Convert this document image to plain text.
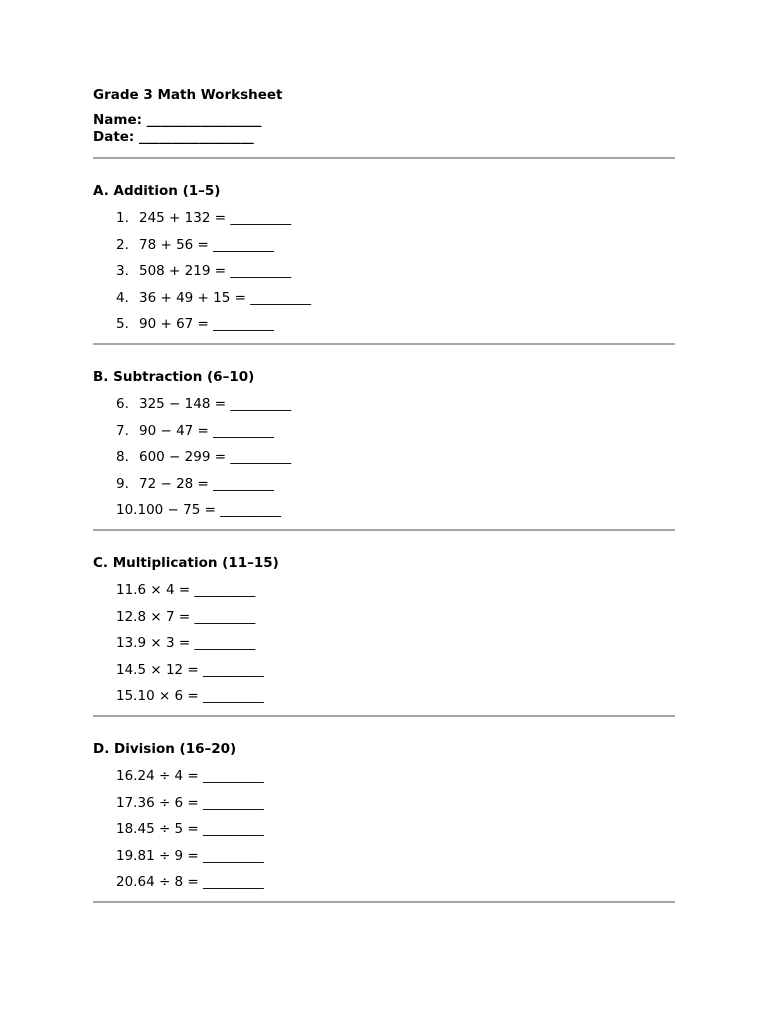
Grade 3 Math Worksheet
Name: _________________
Date: _________________
A. Addition (1–5)
1. 245 + 132 = _________
2. 78 + 56 = _________
3. 508 + 219 = _________
4. 36 + 49 + 15 = _________
5. 90 + 67 = _________
B. Subtraction (6–10)
6. 325 − 148 = _________
7. 90 − 47 = _________
8. 600 − 299 = _________
9. 72 − 28 = _________
10.100 − 75 = _________
C. Multiplication (11–15)
11.6 × 4 = _________
12.8 × 7 = _________
13.9 × 3 = _________
14.5 × 12 = _________
15.10 × 6 = _________
D. Division (16–20)
16.24 ÷ 4 = _________
17.36 ÷ 6 = _________
18.45 ÷ 5 = _________
19.81 ÷ 9 = _________
20.64 ÷ 8 = _________
